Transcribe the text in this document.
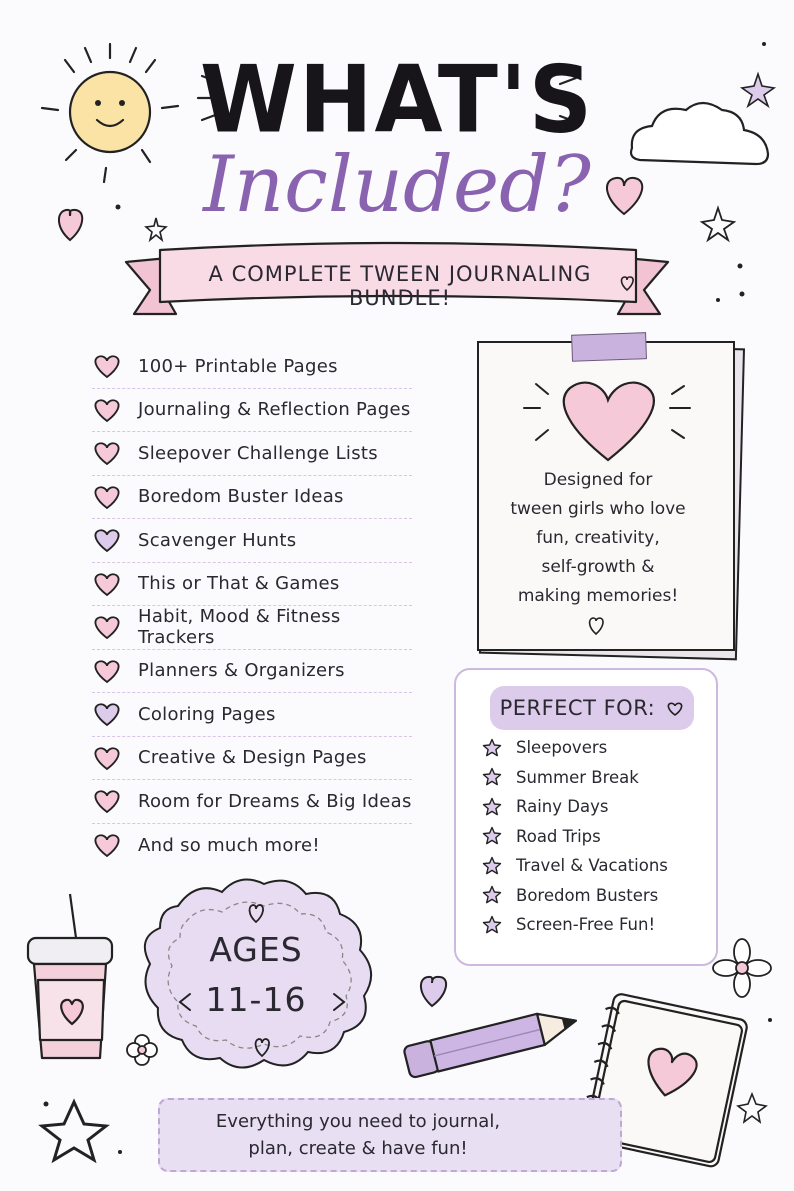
WHAT'S
Included?
A COMPLETE TWEEN JOURNALING BUNDLE!
100+ Printable Pages
Journaling & Reflection Pages
Sleepover Challenge Lists
Boredom Buster Ideas
Scavenger Hunts
This or That & Games
Habit, Mood & Fitness Trackers
Planners & Organizers
Coloring Pages
Creative & Design Pages
Room for Dreams & Big Ideas
And so much more!
Designed for
tween girls who love
fun, creativity,
self-growth &
making memories!
PERFECT FOR:
Sleepovers
Summer Break
Rainy Days
Road Trips
Travel & Vacations
Boredom Busters
Screen-Free Fun!
AGES
11-16
Everything you need to journal,
plan, create & have fun!
